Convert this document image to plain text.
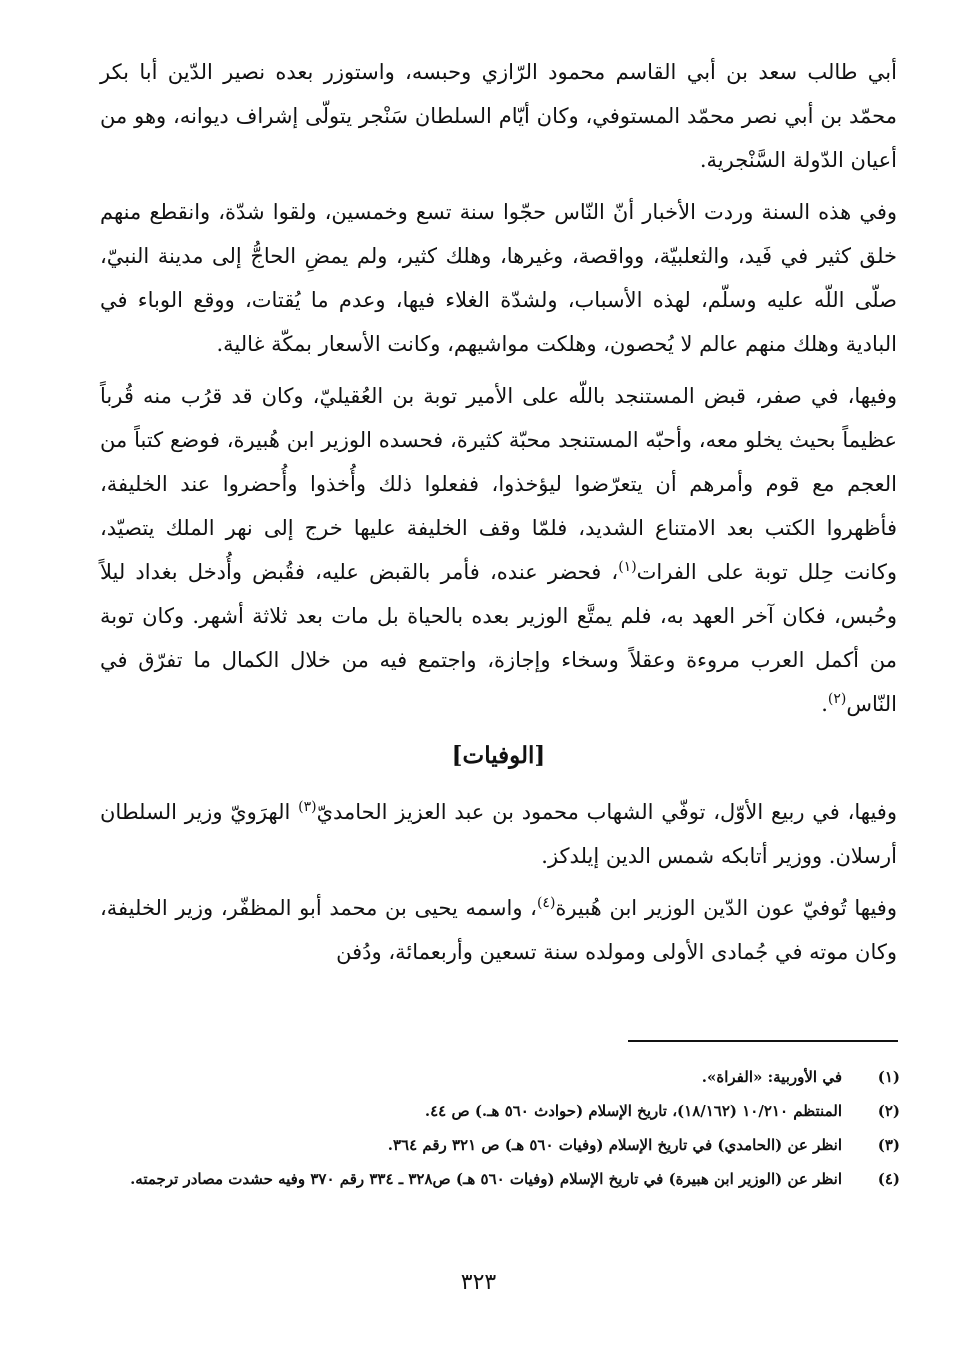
أبي طالب سعد بن أبي القاسم محمود الرّازي وحبسه، واستوزر بعده نصير الدّين أبا بكر محمّد بن أبي نصر محمّد المستوفي، وكان أيّام السلطان سَنْجر يتولّى إشراف ديوانه، وهو من أعيان الدّولة السَّنْجرية.

وفي هذه السنة وردت الأخبار أنّ النّاس حجّوا سنة تسع وخمسين، ولقوا شدّة، وانقطع منهم خلق كثير في فَيد، والثعلبيّة، وواقصة، وغيرها، وهلك كثير، ولم يمضِ الحاجُّ إلى مدينة النبيّ، صلّى اللّه عليه وسلّم، لهذه الأسباب، ولشدّة الغلاء فيها، وعدم ما يُقتات، ووقع الوباء في البادية وهلك منهم عالم لا يُحصون، وهلكت مواشيهم، وكانت الأسعار بمكّة غالية.

وفيها، في صفر، قبض المستنجد باللّه على الأمير توبة بن العُقيليّ، وكان قد قرُب منه قُرباً عظيماً بحيث يخلو معه، وأحبّه المستنجد محبّة كثيرة، فحسده الوزير ابن هُبيرة، فوضع كتباً من العجم مع قوم وأمرهم أن يتعرّضوا ليؤخذوا، ففعلوا ذلك وأُخذوا وأُحضروا عند الخليفة، فأظهروا الكتب بعد الامتناع الشديد، فلمّا وقف الخليفة عليها خرج إلى نهر الملك يتصيّد، وكانت حِلل توبة على الفرات$^{(١)}$، فحضر عنده، فأمر بالقبض عليه، فقُبض وأُدخل بغداد ليلاً وحُبس، فكان آخر العهد به، فلم يمتَّع الوزير بعده بالحياة بل مات بعد ثلاثة أشهر. وكان توبة من أكمل العرب مروءة وعقلاً وسخاء وإجازة، واجتمع فيه من خلال الكمال ما تفرّق في النّاس$^{(٢)}$.

[الوفيات]

وفيها، في ربيع الأوّل، توفّي الشهاب محمود بن عبد العزيز الحامديّ$^{(٣)}$ الهرَويّ وزير السلطان أرسلان. ووزير أتابكه شمس الدين إيلدكز.

وفيها تُوفيّ عون الدّين الوزير ابن هُبيرة$^{(٤)}$، واسمه يحيى بن محمد أبو المظفّر، وزير الخليفة، وكان موته في جُمادى الأولى ومولده سنة تسعين وأربعمائة، ودُفن

(١)
في الأوربية: «الفراة».
(٢)
المنتظم ١٠/٢١٠ (١٨/١٦٢)، تاريخ الإسلام (حوادث ٥٦٠ هـ.) ص ٤٤.
(٣)
انظر عن (الحامدي) في تاريخ الإسلام (وفيات ٥٦٠ هـ) ص ٣٢١ رقم ٣٦٤.
(٤)
انظر عن (الوزير ابن هبيرة) في تاريخ الإسلام (وفيات ٥٦٠ هـ) ص٣٢٨ ـ ٣٣٤ رقم ٣٧٠ وفيه حشدت مصادر ترجمته.
٣٢٣
